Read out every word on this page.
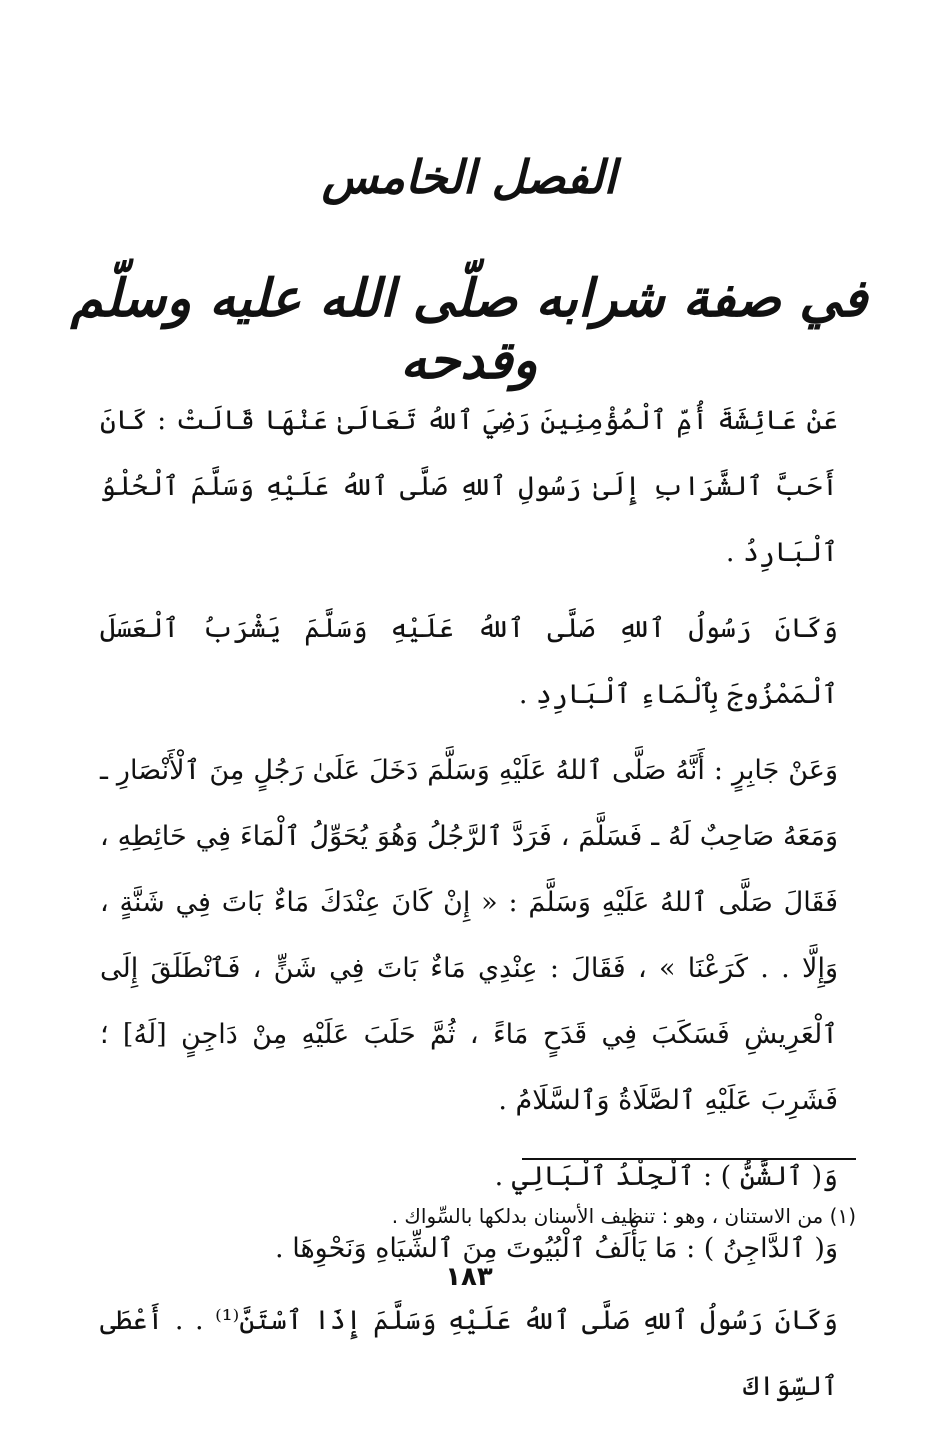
الفصل الخامس
في صفة شرابه صلّى الله عليه وسلّم وقدحه

عَنْ عَائِشَةَ أُمِّ ٱلْمُؤْمِنِينَ رَضِيَ ٱللهُ تَعَالَىٰ عَنْهَا قَالَتْ : كَانَ أَحَبَّ ٱلشَّرَابِ إِلَىٰ رَسُولِ ٱللهِ صَلَّى ٱللهُ عَلَيْهِ وَسَلَّمَ ٱلْحُلْوُ ٱلْبَارِدُ .

وَكَانَ رَسُولُ ٱللهِ صَلَّى ٱللهُ عَلَيْهِ وَسَلَّمَ يَشْرَبُ ٱلْعَسَلَ ٱلْمَمْزُوجَ بِٱلْمَاءِ ٱلْبَارِدِ .

وَعَنْ جَابِرٍ : أَنَّهُ صَلَّى ٱللهُ عَلَيْهِ وَسَلَّمَ دَخَلَ عَلَىٰ رَجُلٍ مِنَ ٱلْأَنْصَارِ ـ وَمَعَهُ صَاحِبٌ لَهُ ـ فَسَلَّمَ ، فَرَدَّ ٱلرَّجُلُ وَهُوَ يُحَوِّلُ ٱلْمَاءَ فِي حَائِطِهِ ، فَقَالَ صَلَّى ٱللهُ عَلَيْهِ وَسَلَّمَ : « إِنْ كَانَ عِنْدَكَ مَاءٌ بَاتَ فِي شَنَّةٍ ، وَإِلَّا . . كَرَعْنَا » ، فَقَالَ : عِنْدِي مَاءٌ بَاتَ فِي شَنٍّ ، فَٱنْطَلَقَ إِلَى ٱلْعَرِيشِ فَسَكَبَ فِي قَدَحٍ مَاءً ، ثُمَّ حَلَبَ عَلَيْهِ مِنْ دَاجِنٍ [لَهُ] ؛ فَشَرِبَ عَلَيْهِ ٱلصَّلَاةُ وَٱلسَّلَامُ .

وَ( ٱلشَّنُّ ) : ٱلْجِلْدُ ٱلْبَالِي .

وَ( ٱلدَّاجِنُ ) : مَا يَأْلَفُ ٱلْبُيُوتَ مِنَ ٱلشِّيَاهِ وَنَحْوِهَا .

وَكَانَ رَسُولُ ٱللهِ صَلَّى ٱللهُ عَلَيْهِ وَسَلَّمَ إِذَا ٱسْتَنَّ⁽¹⁾ . . أَعْطَى ٱلسِّوَاكَ

(١) من الاستنان ، وهو : تنظيف الأسنان بدلكها بالسِّواك .
١٨٣
